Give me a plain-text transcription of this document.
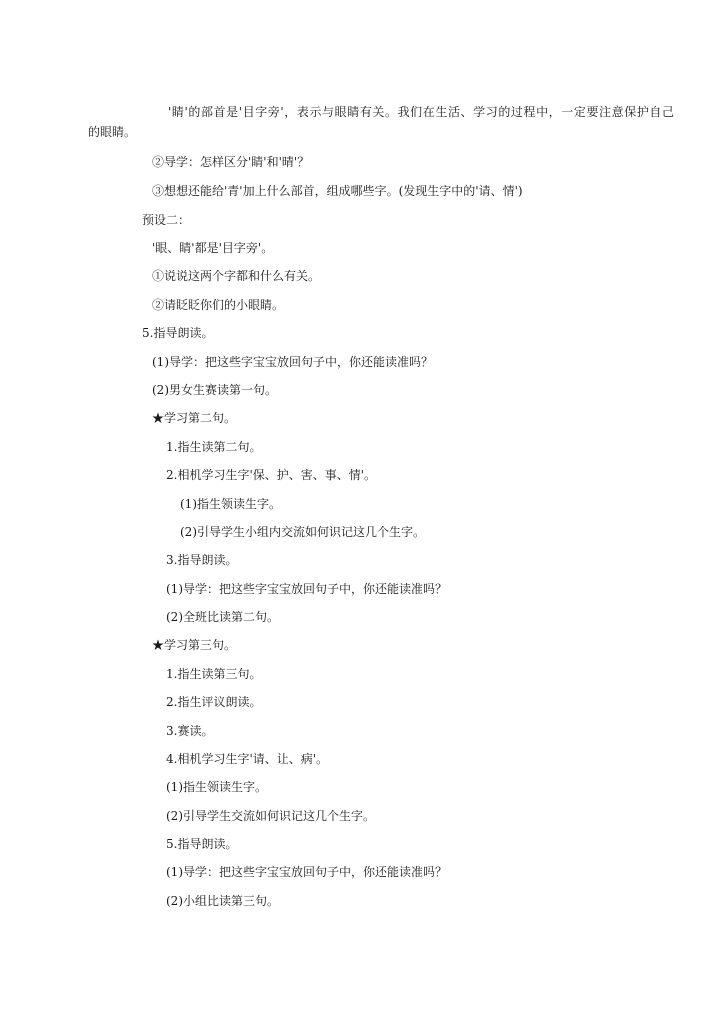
'睛'的部首是'目字旁'，表示与眼睛有关。我们在生活、学习的过程中，一定要注意保护自己
的眼睛。
②导学：怎样区分'睛'和'晴'？
③想想还能给'青'加上什么部首，组成哪些字。(发现生字中的'请、情')
预设二：
'眼、睛'都是'目字旁'。
①说说这两个字都和什么有关。
②请眨眨你们的小眼睛。
5.指导朗读。
(1)导学：把这些字宝宝放回句子中，你还能读准吗？
(2)男女生赛读第一句。
★学习第二句。
1.指生读第二句。
2.相机学习生字'保、护、害、事、情'。
(1)指生领读生字。
(2)引导学生小组内交流如何识记这几个生字。
3.指导朗读。
(1)导学：把这些字宝宝放回句子中，你还能读准吗？
(2)全班比读第二句。
★学习第三句。
1.指生读第三句。
2.指生评议朗读。
3.赛读。
4.相机学习生字'请、让、病'。
(1)指生领读生字。
(2)引导学生交流如何识记这几个生字。
5.指导朗读。
(1)导学：把这些字宝宝放回句子中，你还能读准吗？
(2)小组比读第三句。
